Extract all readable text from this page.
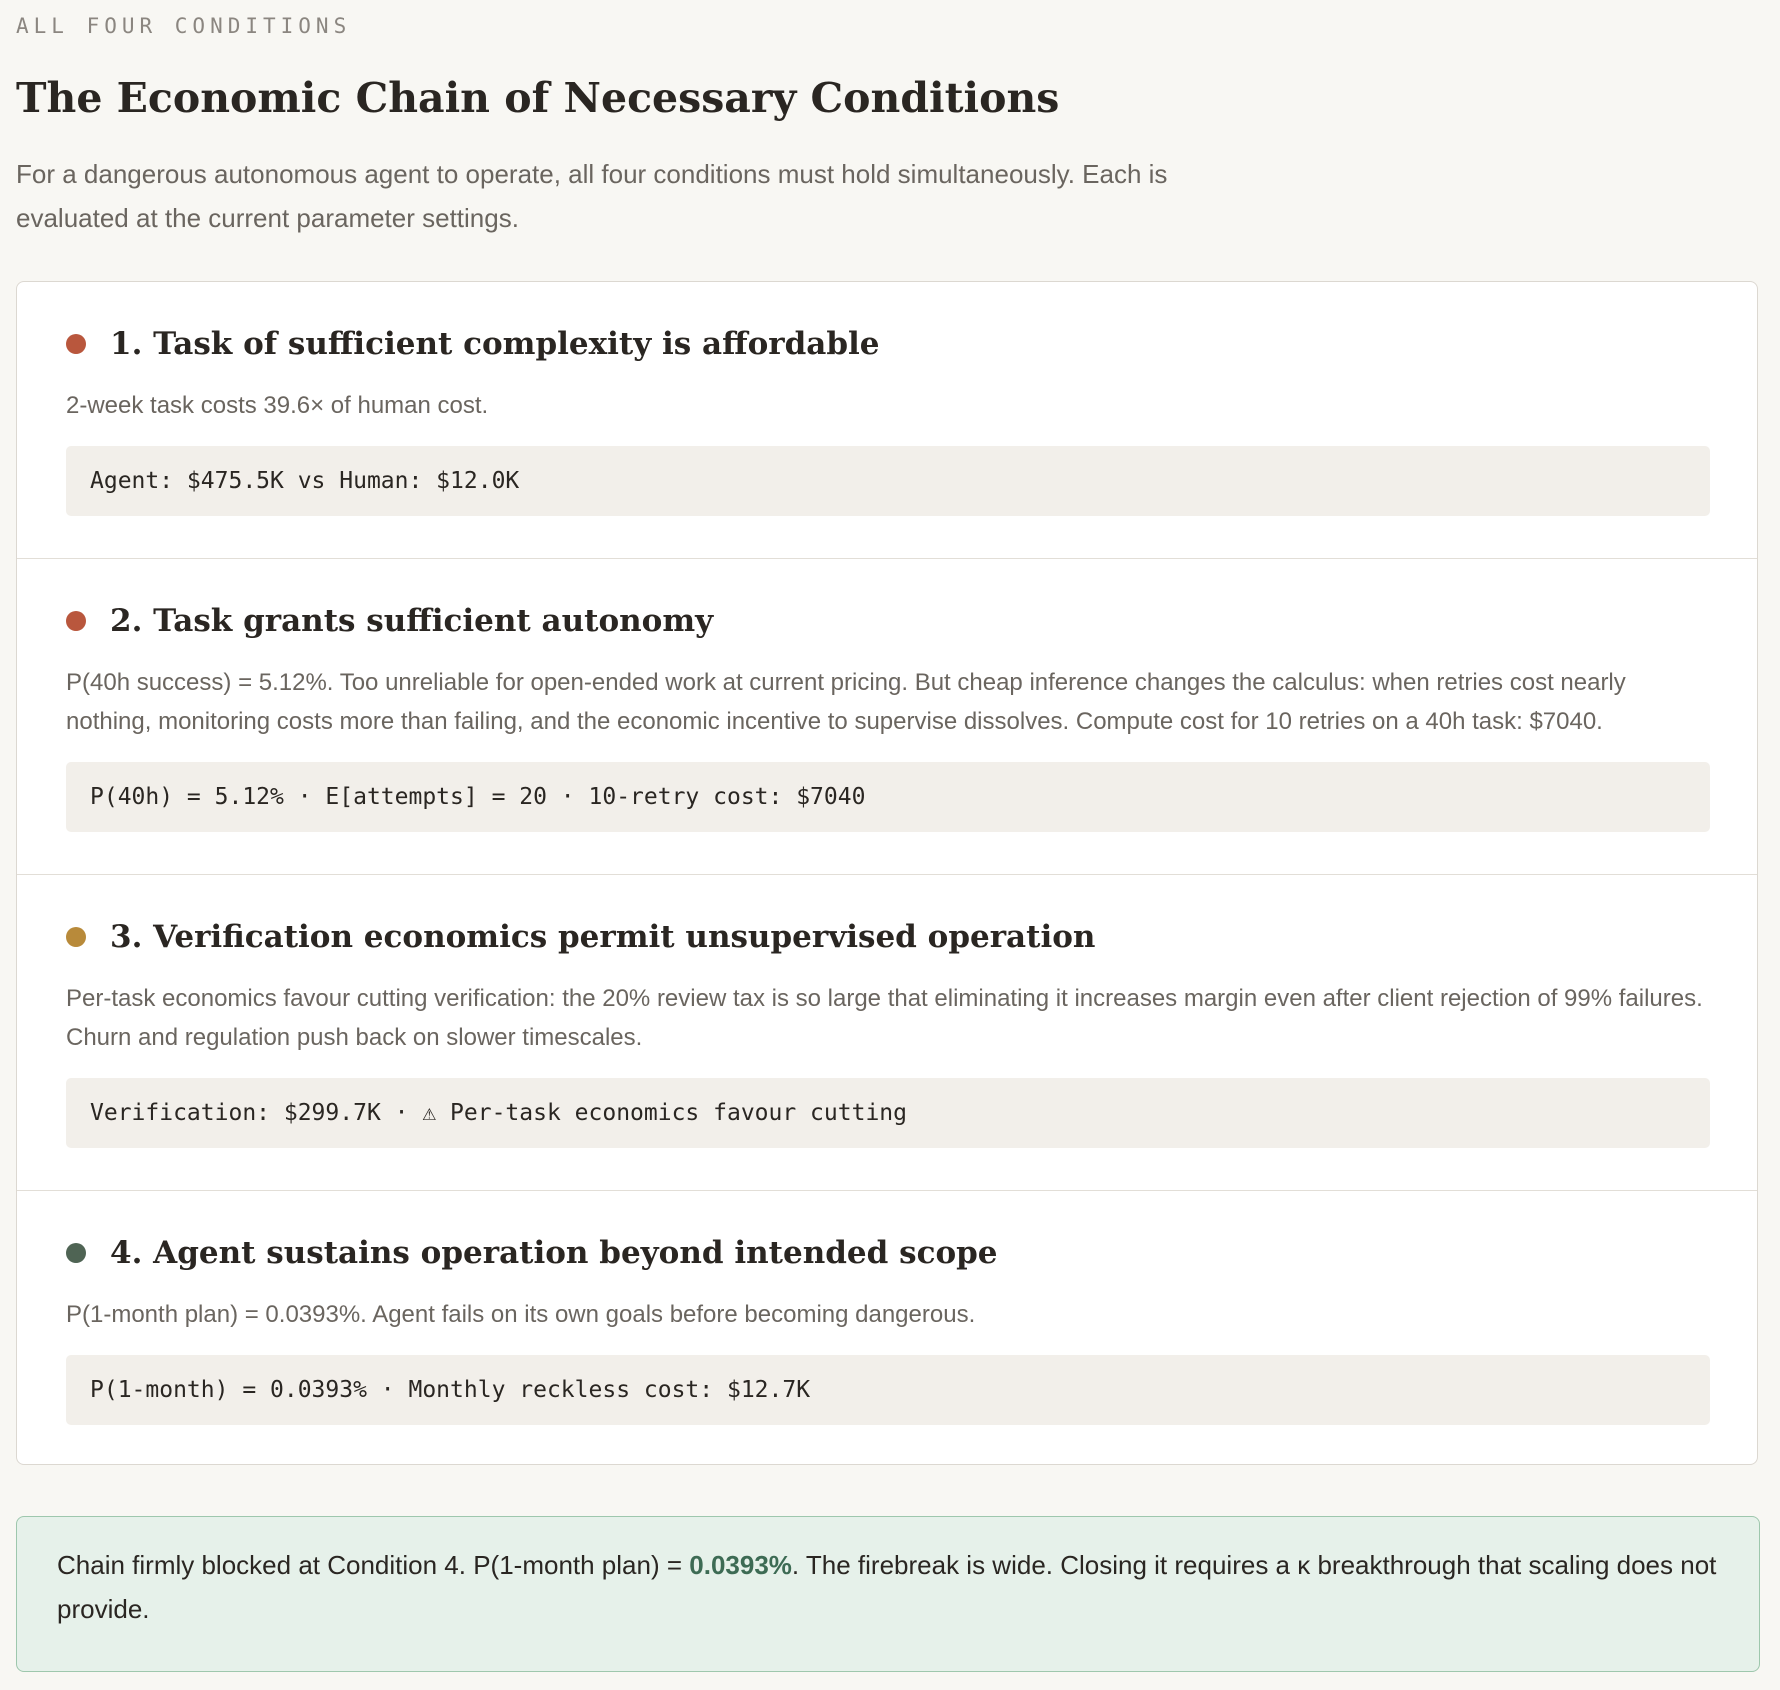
ALL FOUR CONDITIONS
The Economic Chain of Necessary Conditions

For a dangerous autonomous agent to operate, all four conditions must hold simultaneously. Each is evaluated at the current parameter settings.

1. Task of sufficient complexity is affordable

2-week task costs 39.6× of human cost.

Agent: $475.5K vs Human: $12.0K
2. Task grants sufficient autonomy

P(40h success) = 5.12%. Too unreliable for open-ended work at current pricing. But cheap inference changes the calculus: when retries cost nearly nothing, monitoring costs more than failing, and the economic incentive to supervise dissolves. Compute cost for 10 retries on a 40h task: $7040.

P(40h) = 5.12% · E[attempts] = 20 · 10-retry cost: $7040
3. Verification economics permit unsupervised operation

Per-task economics favour cutting verification: the 20% review tax is so large that eliminating it increases margin even after client rejection of 99% failures. Churn and regulation push back on slower timescales.

Verification: $299.7K · ⚠ Per-task economics favour cutting
4. Agent sustains operation beyond intended scope

P(1-month plan) = 0.0393%. Agent fails on its own goals before becoming dangerous.

P(1-month) = 0.0393% · Monthly reckless cost: $12.7K
Chain firmly blocked at Condition 4. P(1-month plan) = 0.0393%. The firebreak is wide. Closing it requires a κ breakthrough that scaling does not provide.
